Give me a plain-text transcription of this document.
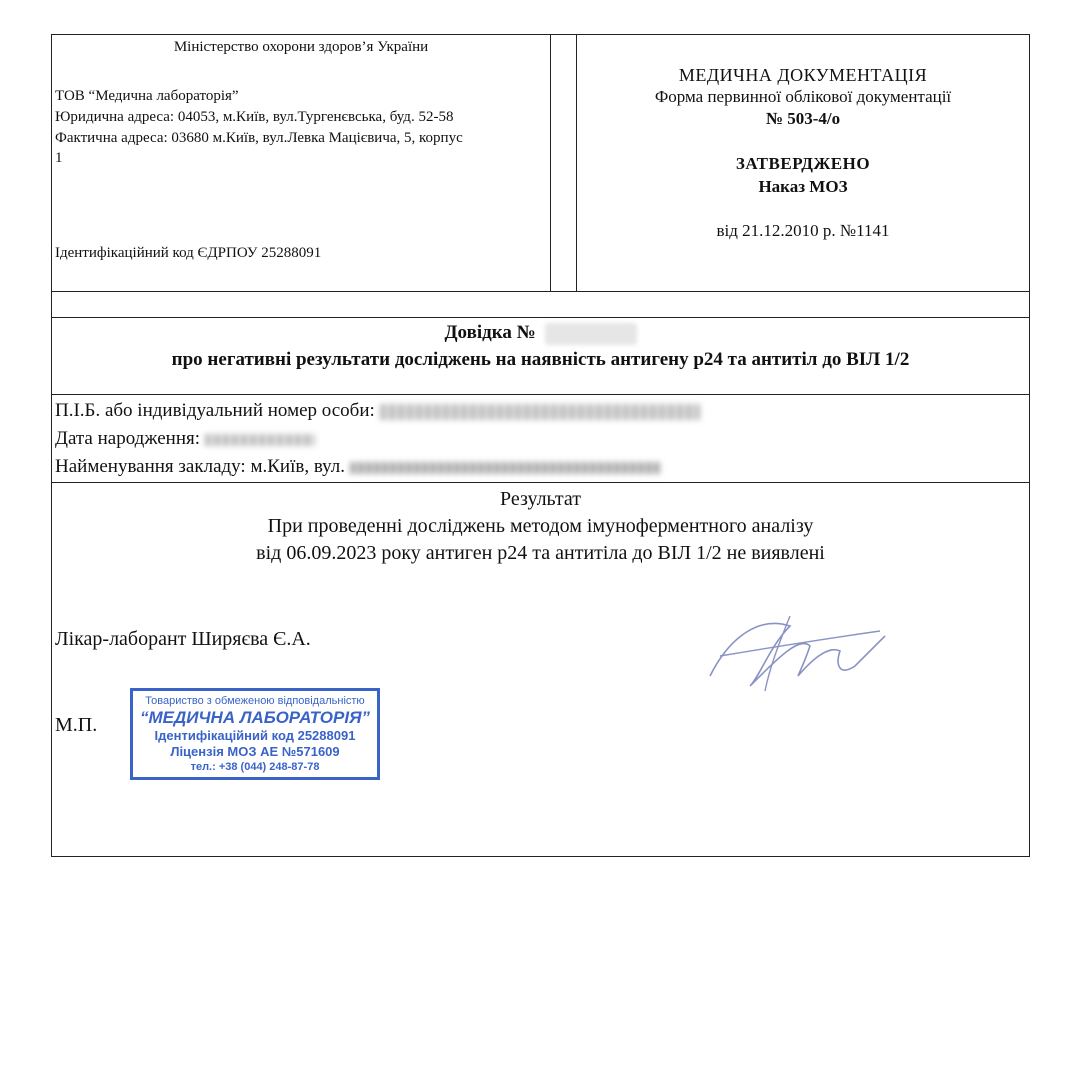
Міністерство охорони здоров’я України
ТОВ “Медична лабораторія”
Юридична адреса: 04053, м.Київ, вул.Тургенєвська, буд. 52-58
Фактична адреса: 03680 м.Київ, вул.Левка Мацієвича, 5, корпус
1
Ідентифікаційний код ЄДРПОУ 25288091
МЕДИЧНА ДОКУМЕНТАЦІЯ
Форма первинної облікової документації
№ 503-4/о
ЗАТВЕРДЖЕНО
Наказ МОЗ
від 21.12.2010 р. №1141
Довідка №
про негативні результати досліджень на наявність антигену p24 та антитіл до ВІЛ 1/2
П.І.Б. або індивідуальний номер особи:
Дата народження:
Найменування закладу: м.Київ, вул.
Результат
При проведенні досліджень методом імуноферментного аналізу
від 06.09.2023 року антиген p24 та антитіла до ВІЛ 1/2 не виявлені
Лікар-лаборант Ширяєва Є.А.
М.П.
Товариство з обмеженою відповідальністю
“МЕДИЧНА ЛАБОРАТОРІЯ”
Ідентифікаційний код 25288091
Ліцензія МОЗ АЕ №571609
тел.: +38 (044) 248-87-78
